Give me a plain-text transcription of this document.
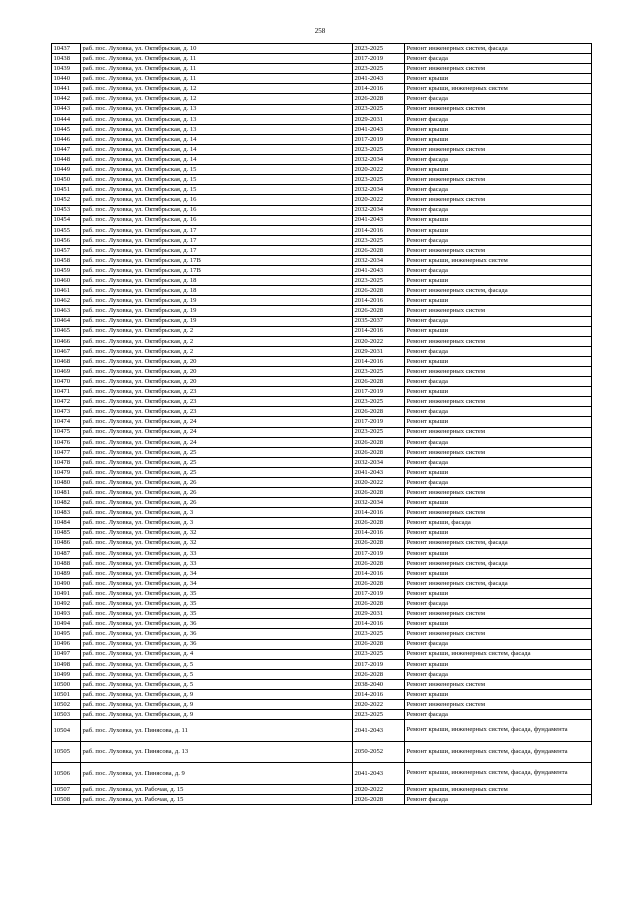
258
10437	раб. пос. Луховка, ул. Октябрьская, д. 10	2023-2025	Ремонт инженерных систем, фасада
10438	раб. пос. Луховка, ул. Октябрьская, д. 11	2017-2019	Ремонт фасада
10439	раб. пос. Луховка, ул. Октябрьская, д. 11	2023-2025	Ремонт инженерных систем
10440	раб. пос. Луховка, ул. Октябрьская, д. 11	2041-2043	Ремонт крыши
10441	раб. пос. Луховка, ул. Октябрьская, д. 12	2014-2016	Ремонт крыши, инженерных систем
10442	раб. пос. Луховка, ул. Октябрьская, д. 12	2026-2028	Ремонт фасада
10443	раб. пос. Луховка, ул. Октябрьская, д. 13	2023-2025	Ремонт инженерных систем
10444	раб. пос. Луховка, ул. Октябрьская, д. 13	2029-2031	Ремонт фасада
10445	раб. пос. Луховка, ул. Октябрьская, д. 13	2041-2043	Ремонт крыши
10446	раб. пос. Луховка, ул. Октябрьская, д. 14	2017-2019	Ремонт крыши
10447	раб. пос. Луховка, ул. Октябрьская, д. 14	2023-2025	Ремонт инженерных систем
10448	раб. пос. Луховка, ул. Октябрьская, д. 14	2032-2034	Ремонт фасада
10449	раб. пос. Луховка, ул. Октябрьская, д. 15	2020-2022	Ремонт крыши
10450	раб. пос. Луховка, ул. Октябрьская, д. 15	2023-2025	Ремонт инженерных систем
10451	раб. пос. Луховка, ул. Октябрьская, д. 15	2032-2034	Ремонт фасада
10452	раб. пос. Луховка, ул. Октябрьская, д. 16	2020-2022	Ремонт инженерных систем
10453	раб. пос. Луховка, ул. Октябрьская, д. 16	2032-2034	Ремонт фасада
10454	раб. пос. Луховка, ул. Октябрьская, д. 16	2041-2043	Ремонт крыши
10455	раб. пос. Луховка, ул. Октябрьская, д. 17	2014-2016	Ремонт крыши
10456	раб. пос. Луховка, ул. Октябрьская, д. 17	2023-2025	Ремонт фасада
10457	раб. пос. Луховка, ул. Октябрьская, д. 17	2026-2028	Ремонт инженерных систем
10458	раб. пос. Луховка, ул. Октябрьская, д. 17В	2032-2034	Ремонт крыши, инженерных систем
10459	раб. пос. Луховка, ул. Октябрьская, д. 17В	2041-2043	Ремонт фасада
10460	раб. пос. Луховка, ул. Октябрьская, д. 18	2023-2025	Ремонт крыши
10461	раб. пос. Луховка, ул. Октябрьская, д. 18	2026-2028	Ремонт инженерных систем, фасада
10462	раб. пос. Луховка, ул. Октябрьская, д. 19	2014-2016	Ремонт крыши
10463	раб. пос. Луховка, ул. Октябрьская, д. 19	2026-2028	Ремонт инженерных систем
10464	раб. пос. Луховка, ул. Октябрьская, д. 19	2035-2037	Ремонт фасада
10465	раб. пос. Луховка, ул. Октябрьская, д. 2	2014-2016	Ремонт крыши
10466	раб. пос. Луховка, ул. Октябрьская, д. 2	2020-2022	Ремонт инженерных систем
10467	раб. пос. Луховка, ул. Октябрьская, д. 2	2029-2031	Ремонт фасада
10468	раб. пос. Луховка, ул. Октябрьская, д. 20	2014-2016	Ремонт крыши
10469	раб. пос. Луховка, ул. Октябрьская, д. 20	2023-2025	Ремонт инженерных систем
10470	раб. пос. Луховка, ул. Октябрьская, д. 20	2026-2028	Ремонт фасада
10471	раб. пос. Луховка, ул. Октябрьская, д. 23	2017-2019	Ремонт крыши
10472	раб. пос. Луховка, ул. Октябрьская, д. 23	2023-2025	Ремонт инженерных систем
10473	раб. пос. Луховка, ул. Октябрьская, д. 23	2026-2028	Ремонт фасада
10474	раб. пос. Луховка, ул. Октябрьская, д. 24	2017-2019	Ремонт крыши
10475	раб. пос. Луховка, ул. Октябрьская, д. 24	2023-2025	Ремонт инженерных систем
10476	раб. пос. Луховка, ул. Октябрьская, д. 24	2026-2028	Ремонт фасада
10477	раб. пос. Луховка, ул. Октябрьская, д. 25	2026-2028	Ремонт инженерных систем
10478	раб. пос. Луховка, ул. Октябрьская, д. 25	2032-2034	Ремонт фасада
10479	раб. пос. Луховка, ул. Октябрьская, д. 25	2041-2043	Ремонт крыши
10480	раб. пос. Луховка, ул. Октябрьская, д. 26	2020-2022	Ремонт фасада
10481	раб. пос. Луховка, ул. Октябрьская, д. 26	2026-2028	Ремонт инженерных систем
10482	раб. пос. Луховка, ул. Октябрьская, д. 26	2032-2034	Ремонт крыши
10483	раб. пос. Луховка, ул. Октябрьская, д. 3	2014-2016	Ремонт инженерных систем
10484	раб. пос. Луховка, ул. Октябрьская, д. 3	2026-2028	Ремонт крыши, фасада
10485	раб. пос. Луховка, ул. Октябрьская, д. 32	2014-2016	Ремонт крыши
10486	раб. пос. Луховка, ул. Октябрьская, д. 32	2026-2028	Ремонт инженерных систем, фасада
10487	раб. пос. Луховка, ул. Октябрьская, д. 33	2017-2019	Ремонт крыши
10488	раб. пос. Луховка, ул. Октябрьская, д. 33	2026-2028	Ремонт инженерных систем, фасада
10489	раб. пос. Луховка, ул. Октябрьская, д. 34	2014-2016	Ремонт крыши
10490	раб. пос. Луховка, ул. Октябрьская, д. 34	2026-2028	Ремонт инженерных систем, фасада
10491	раб. пос. Луховка, ул. Октябрьская, д. 35	2017-2019	Ремонт крыши
10492	раб. пос. Луховка, ул. Октябрьская, д. 35	2026-2028	Ремонт фасада
10493	раб. пос. Луховка, ул. Октябрьская, д. 35	2029-2031	Ремонт инженерных систем
10494	раб. пос. Луховка, ул. Октябрьская, д. 36	2014-2016	Ремонт крыши
10495	раб. пос. Луховка, ул. Октябрьская, д. 36	2023-2025	Ремонт инженерных систем
10496	раб. пос. Луховка, ул. Октябрьская, д. 36	2026-2028	Ремонт фасада
10497	раб. пос. Луховка, ул. Октябрьская, д. 4	2023-2025	Ремонт крыши, инженерных систем, фасада
10498	раб. пос. Луховка, ул. Октябрьская, д. 5	2017-2019	Ремонт крыши
10499	раб. пос. Луховка, ул. Октябрьская, д. 5	2026-2028	Ремонт фасада
10500	раб. пос. Луховка, ул. Октябрьская, д. 5	2038-2040	Ремонт инженерных систем
10501	раб. пос. Луховка, ул. Октябрьская, д. 9	2014-2016	Ремонт крыши
10502	раб. пос. Луховка, ул. Октябрьская, д. 9	2020-2022	Ремонт инженерных систем
10503	раб. пос. Луховка, ул. Октябрьская, д. 9	2023-2025	Ремонт фасада
10504	раб. пос. Луховка, ул. Пинясова, д. 11	2041-2043	Ремонт крыши, инженерных систем, фасада, фундамента
10505	раб. пос. Луховка, ул. Пинясова, д. 13	2050-2052	Ремонт крыши, инженерных систем, фасада, фундамента
10506	раб. пос. Луховка, ул. Пинясова, д. 9	2041-2043	Ремонт крыши, инженерных систем, фасада, фундамента
10507	раб. пос. Луховка, ул. Рабочая, д. 15	2020-2022	Ремонт крыши, инженерных систем
10508	раб. пос. Луховка, ул. Рабочая, д. 15	2026-2028	Ремонт фасада
